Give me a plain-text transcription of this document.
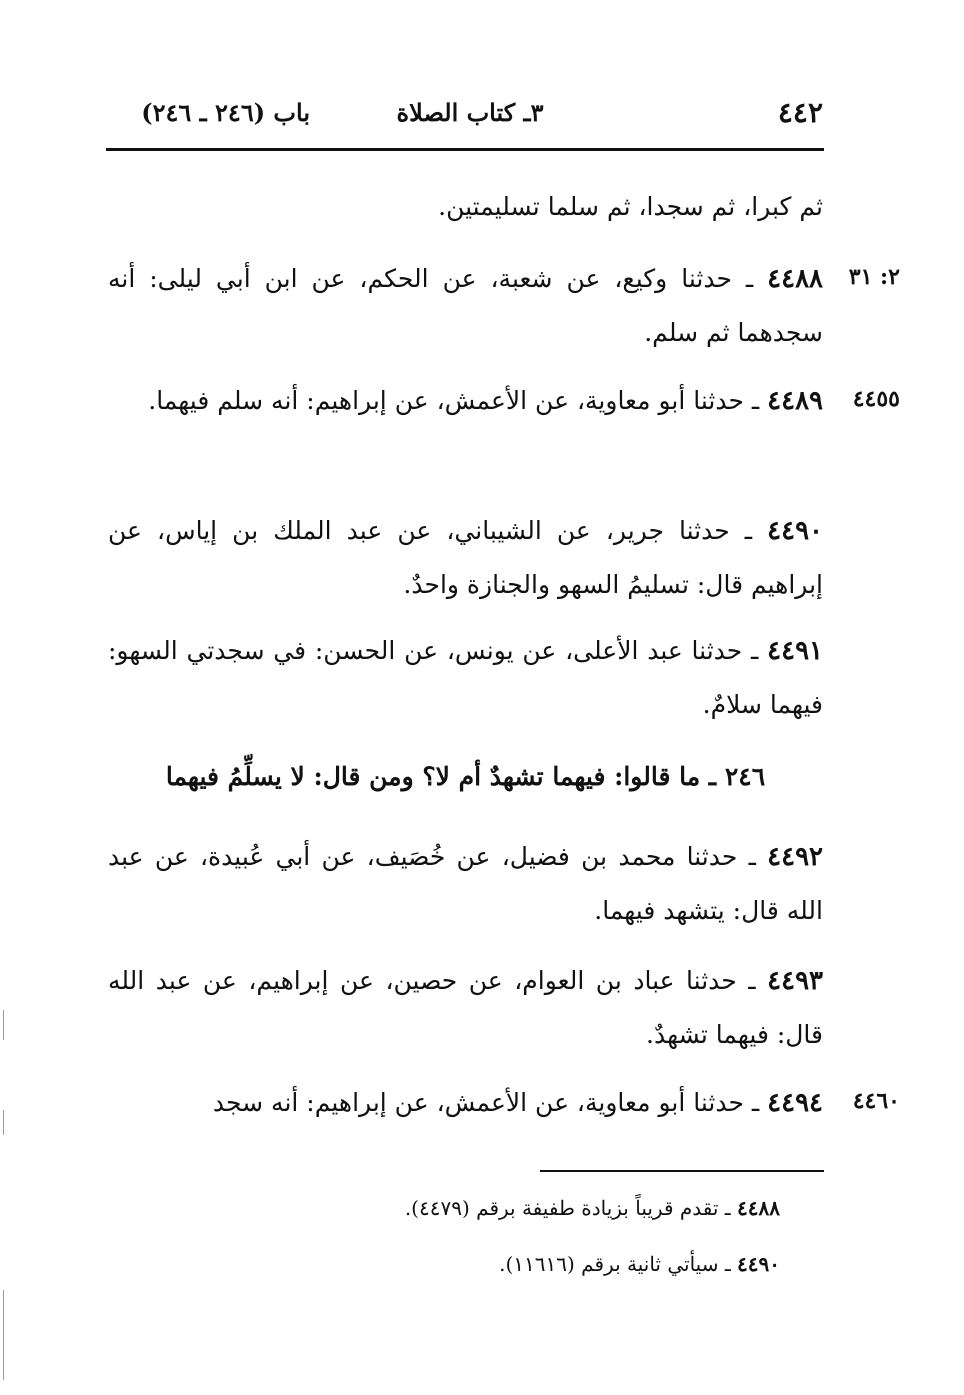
٤٤٢
٣ـ كتاب الصلاة
باب (٢٤٦ ـ ٢٤٦)
ثم كبرا، ثم سجدا، ثم سلما تسليمتين.
٢: ٣١
٤٤٨٨ ـ حدثنا وكيع، عن شعبة، عن الحكم، عن ابن أبي ليلى: أنه سجدهما ثم سلم.
٤٤٥٥
٤٤٨٩ ـ حدثنا أبو معاوية، عن الأعمش، عن إبراهيم: أنه سلم فيهما.
٤٤٩٠ ـ حدثنا جرير، عن الشيباني، عن عبد الملك بن إياس، عن إبراهيم قال: تسليمُ السهو والجنازة واحدٌ.
٤٤٩١ ـ حدثنا عبد الأعلى، عن يونس، عن الحسن: في سجدتي السهو: فيهما سلامٌ.
٢٤٦ ـ ما قالوا: فيهما تشهدٌ أم لا؟ ومن قال: لا يسلِّمُ فيهما
٤٤٩٢ ـ حدثنا محمد بن فضيل، عن خُصَيف، عن أبي عُبيدة، عن عبد الله قال: يتشهد فيهما.
٤٤٩٣ ـ حدثنا عباد بن العوام، عن حصين، عن إبراهيم، عن عبد الله قال: فيهما تشهدٌ.
٤٤٦٠
٤٤٩٤ ـ حدثنا أبو معاوية، عن الأعمش، عن إبراهيم: أنه سجد
٤٤٨٨ ـ تقدم قريباً بزيادة طفيفة برقم (٤٤٧٩).
٤٤٩٠ ـ سيأتي ثانية برقم (١١٦١٦).
